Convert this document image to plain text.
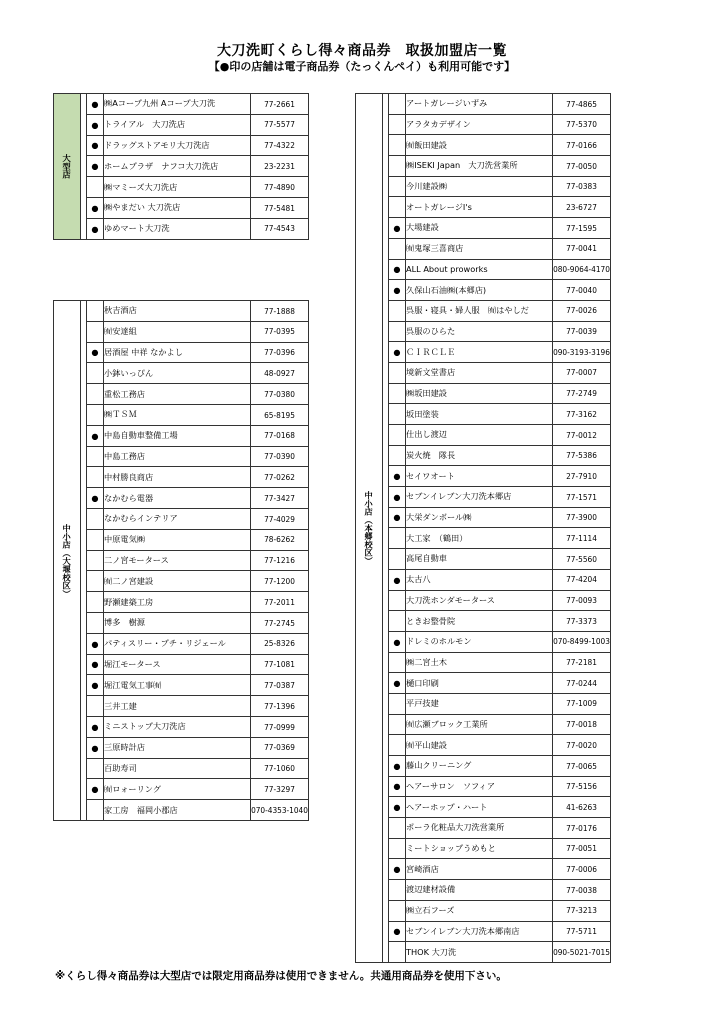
大刀洗町くらし得々商品券　取扱加盟店一覧
【●印の店舗は電子商品券（たっくんペイ）も利用可能です】
大型店		●	㈱Aコープ九州 Aコープ大刀洗	77-2661
		●	トライアル　大刀洗店	77-5577
		●	ドラッグストアモリ大刀洗店	77-4322
		●	ホームプラザ　ナフコ大刀洗店	23-2231
			㈱マミーズ大刀洗店	77-4890
		●	㈱やまだい 大刀洗店	77-5481
		●	ゆめマート大刀洗	77-4543
中小店（大堰校区）			秋吉酒店	77-1888
			㈲安達組	77-0395
		●	居酒屋 中祥 なかよし	77-0396
			小鉢いっぴん	48-0927
			重松工務店	77-0380
			㈱ＴＳＭ	65-8195
		●	中島自動車整備工場	77-0168
			中島工務店	77-0390
			中村勝良商店	77-0262
		●	なかむら電器	77-3427
			なかむらインテリア	77-4029
			中原電気㈱	78-6262
			二ノ宮モータース	77-1216
			㈲二ノ宮建設	77-1200
			野瀬建築工房	77-2011
			博多　樹源	77-2745
		●	パティスリー・プチ・リジェール	25-8326
		●	堀江モータース	77-1081
		●	堀江電気工事㈲	77-0387
			三井工建	77-1396
		●	ミニストップ大刀洗店	77-0999
		●	三原時計店	77-0369
			百助寿司	77-1060
		●	㈲ロォーリング	77-3297
			家工房　福岡小郡店	070-4353-1040
中小店（本郷校区）			アートガレージいずみ	77-4865
			アラタカデザイン	77-5370
			㈲飯田建設	77-0166
			㈱ISEKI Japan　大刀洗営業所	77-0050
			今川建設㈱	77-0383
			オートガレージI's	23-6727
		●	大場建設	77-1595
			㈲鬼塚三喜商店	77-0041
		●	ALL About proworks	080-9064-4170
		●	久保山石油㈱(本郷店)	77-0040
			呉服・寝具・婦人服　㈲はやしだ	77-0026
			呉服のひらた	77-0039
		●	ＣＩＲＣＬＥ	090-3193-3196
			境新文堂書店	77-0007
			㈱坂田建設	77-2749
			坂田塗装	77-3162
			仕出し渡辺	77-0012
			炭火焼　隊長	77-5386
		●	セイワオート	27-7910
		●	セブンイレブン大刀洗本郷店	77-1571
		●	大栄ダンボール㈱	77-3900
			大工家　（鶴田）	77-1114
			高尾自動車	77-5560
		●	太古八	77-4204
			大刀洗ホンダモータース	77-0093
			ときお整骨院	77-3373
		●	ドレミのホルモン	070-8499-1003
			㈱二宮土木	77-2181
		●	樋口印刷	77-0244
			平戸技建	77-1009
			㈲広瀬ブロック工業所	77-0018
			㈲平山建設	77-0020
		●	藤山クリーニング	77-0065
		●	ヘアーサロン　ソフィア	77-5156
		●	ヘアーホップ・ハート	41-6263
			ポーラ化粧品大刀洗営業所	77-0176
			ミートショップうめもと	77-0051
		●	宮崎酒店	77-0006
			渡辺建材設備	77-0038
			㈱立石フーズ	77-3213
		●	セブンイレブン大刀洗本郷南店	77-5711
			THOK 大刀洗	090-5021-7015
※くらし得々商品券は大型店では限定用商品券は使用できません。共通用商品券を使用下さい。
